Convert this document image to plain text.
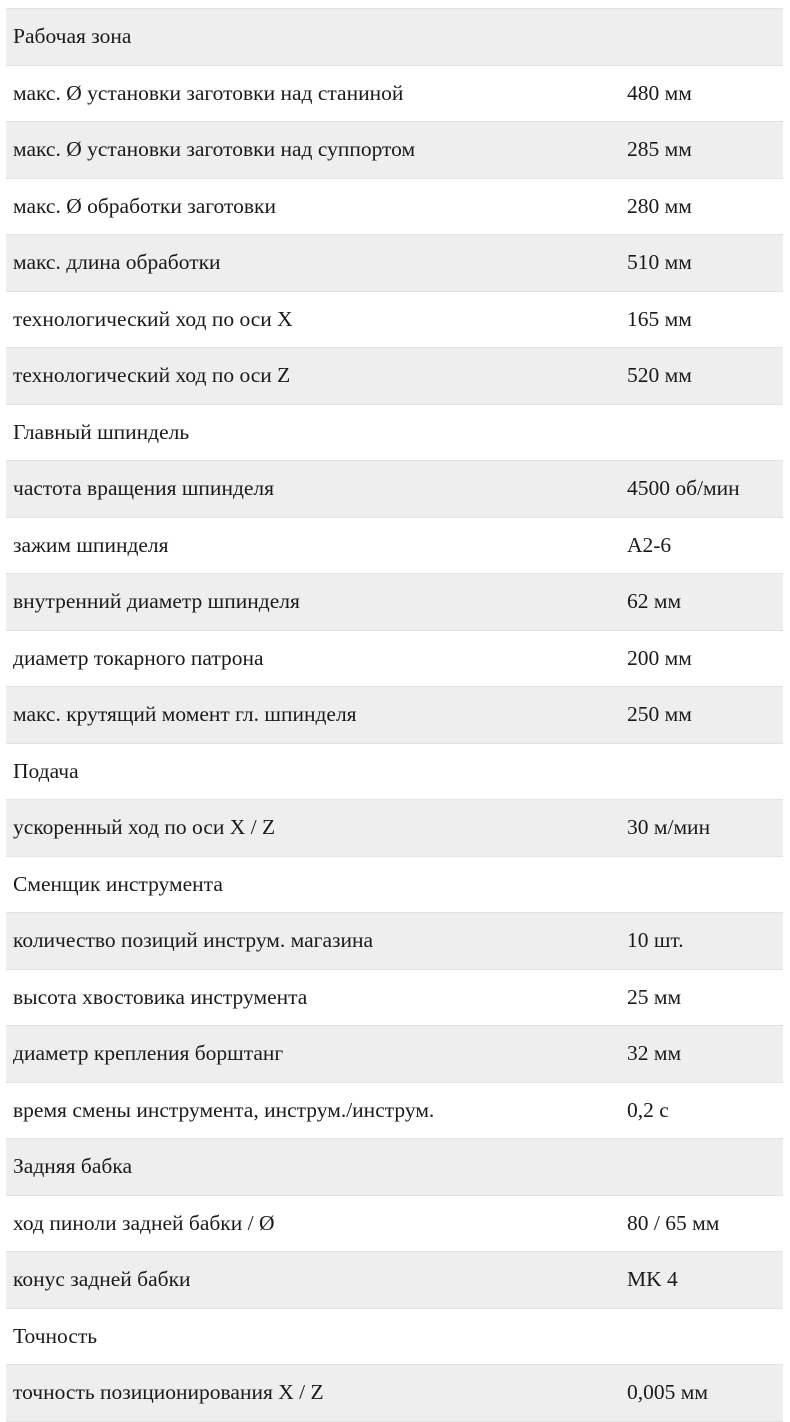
Рабочая зона
макс. Ø установки заготовки над станиной	480 мм
макс. Ø установки заготовки над суппортом	285 мм
макс. Ø обработки заготовки	280 мм
макс. длина обработки	510 мм
технологический ход по оси X	165 мм
технологический ход по оси Z	520 мм
Главный шпиндель
частота вращения шпинделя	4500 об/мин
зажим шпинделя	A2-6
внутренний диаметр шпинделя	62 мм
диаметр токарного патрона	200 мм
макс. крутящий момент гл. шпинделя	250 мм
Подача
ускоренный ход по оси X / Z	30 м/мин
Сменщик инструмента
количество позиций инструм. магазина	10 шт.
высота хвостовика инструмента	25 мм
диаметр крепления борштанг	32 мм
время смены инструмента, инструм./инструм.	0,2 с
Задняя бабка
ход пиноли задней бабки / Ø	80 / 65 мм
конус задней бабки	MK 4
Точность
точность позиционирования X / Z	0,005 мм
